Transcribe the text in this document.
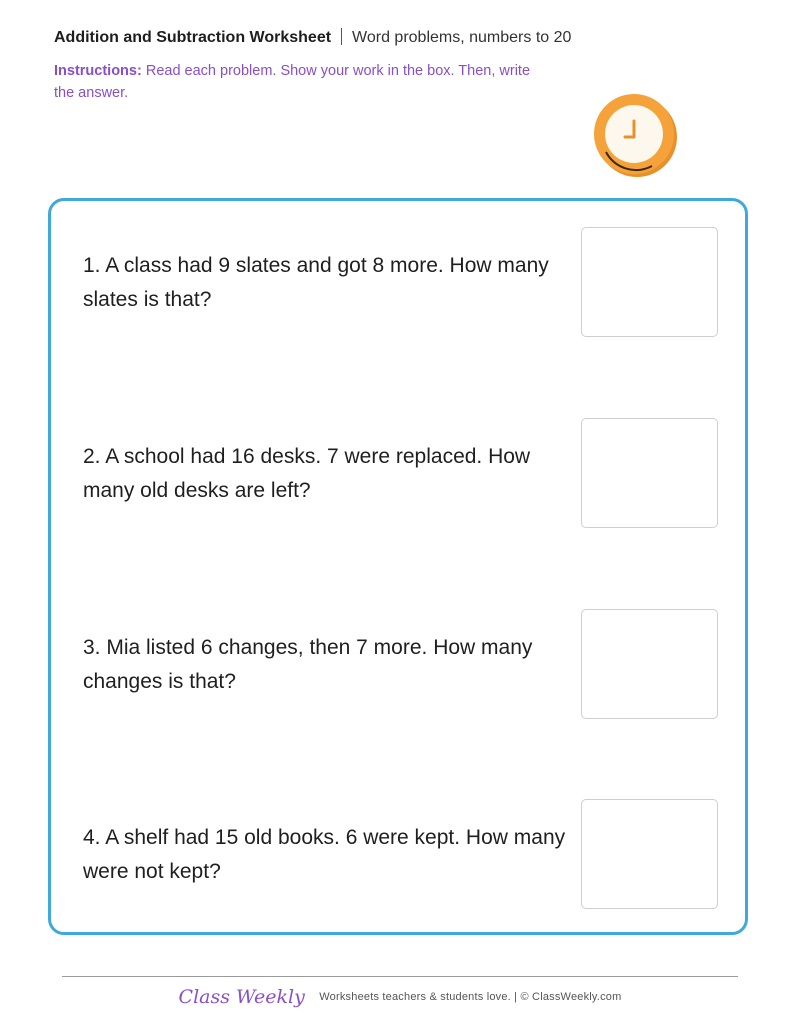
Addition and Subtraction Worksheet Word problems, numbers to 20
Instructions: Read each problem. Show your work in the box. Then, write the answer.
1. A class had 9 slates and got 8 more. How many slates is that?
2. A school had 16 desks. 7 were replaced. How many old desks are left?
3. Mia listed 6 changes, then 7 more. How many changes is that?
4. A shelf had 15 old books. 6 were kept. How many were not kept?
Class Weekly Worksheets teachers & students love. | © ClassWeekly.com
